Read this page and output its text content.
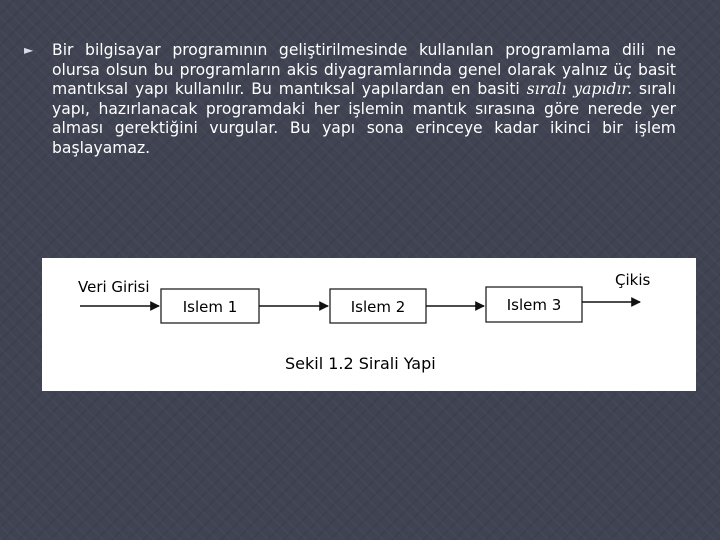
► Bir bilgisayar programının geliştirilmesinde kullanılan programlama dili ne olursa olsun bu programların akis diyagramlarında genel olarak yalnız üç basit mantıksal yapı kullanılır. Bu mantıksal yapılardan en basiti sıralı yapıdır. sıralı yapı, hazırlanacak programdaki her işlemin mantık sırasına göre nerede yer alması gerektiğini vurgular. Bu yapı sona erinceye kadar ikinci bir işlem başlayamaz.

Veri Girisi
Islem 1	Islem 2	Islem 3
Çikis
Sekil 1.2 Sirali Yapi
